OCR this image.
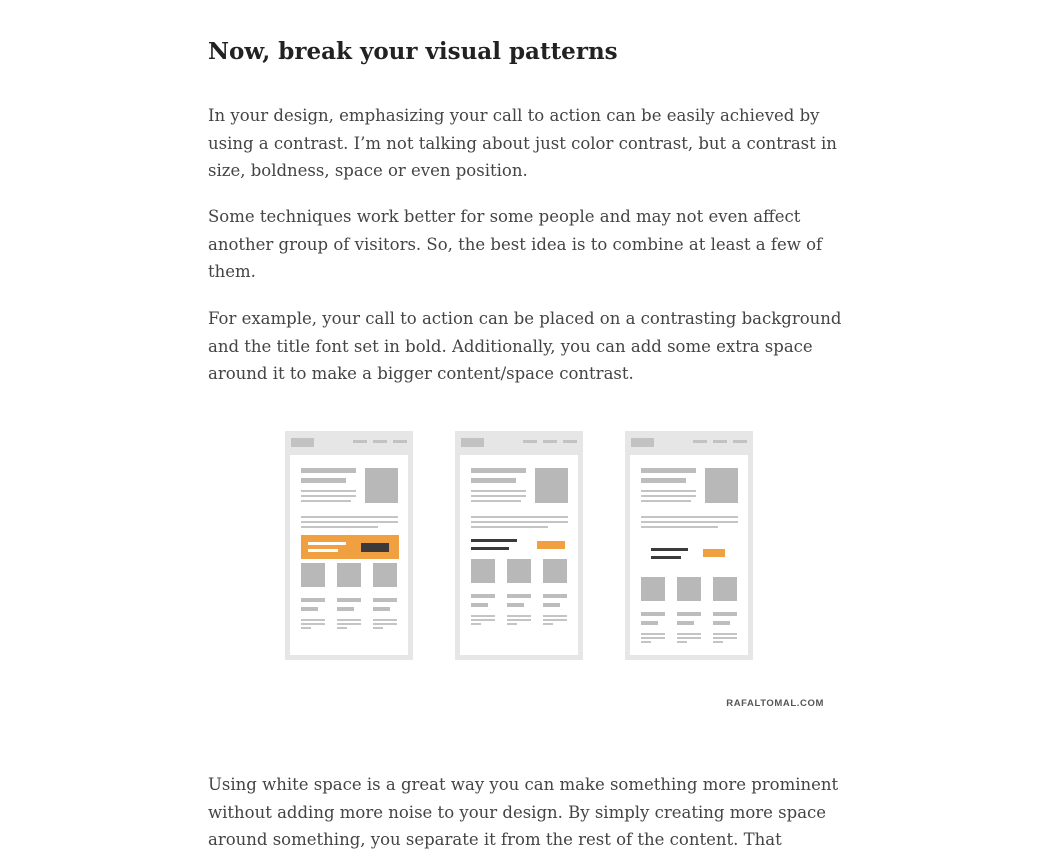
Now, break your visual patterns

In your design, emphasizing your call to action can be easily achieved by
using a contrast. I’m not talking about just color contrast, but a contrast in
size, boldness, space or even position.

Some techniques work better for some people and may not even affect
another group of visitors. So, the best idea is to combine at least a few of
them.

For example, your call to action can be placed on a contrasting background
and the title font set in bold. Additionally, you can add some extra space
around it to make a bigger content/space contrast.

RAFALTOMAL.COM

Using white space is a great way you can make something more prominent
without adding more noise to your design. By simply creating more space
around something, you separate it from the rest of the content. That
